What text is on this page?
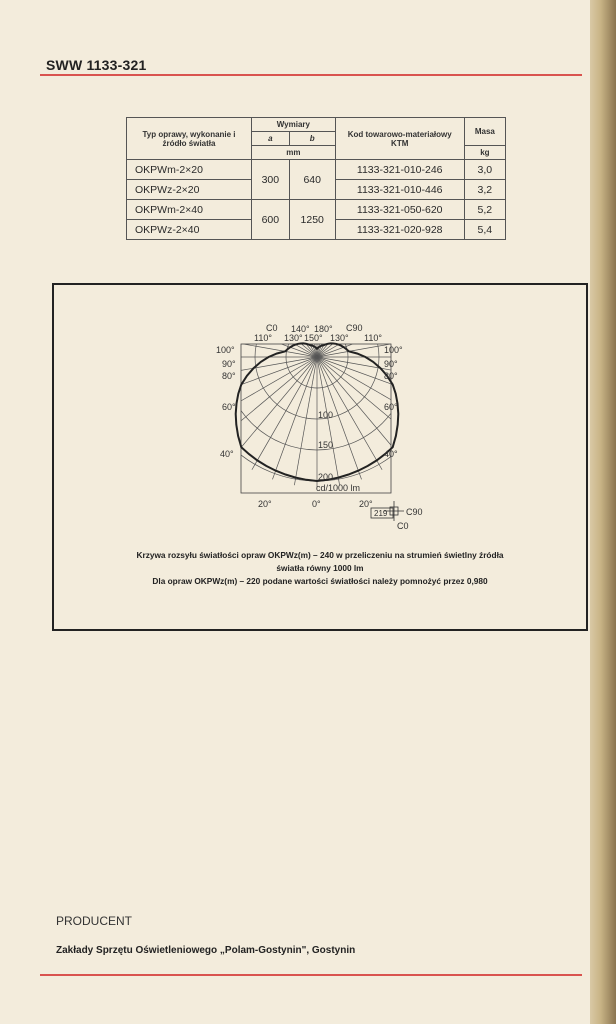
SWW 1133-321
Typ oprawy, wykonanie i źródło światła	Wymiary		Kod towarowo-materiałowy KTM	Masa
	a	b		
	mm			kg
OKPWm-2×20	300	640	1133-321-010-246	3,0
OKPWz-2×20			1133-321-010-446	3,2
OKPWm-2×40	600	1250	1133-321-050-620	5,2
OKPWz-2×40			1133-321-020-928	5,4
C0	C90
140° 180°
110° 130° 150° 130° 110°
100°
90°
80°
60°
40°
100°
90°
80°
60°
40°
20°	0°	20°
100
150
200
cd/1000 lm
C90
C0
219
Krzywa rozsyłu światłości opraw OKPWz(m) – 240 w przeliczeniu na strumień świetlny źródła
światła równy 1000 lm
Dla opraw OKPWz(m) – 220 podane wartości światłości należy pomnożyć przez 0,980
PRODUCENT
Zakłady Sprzętu Oświetleniowego „Polam-Gostynin", Gostynin
